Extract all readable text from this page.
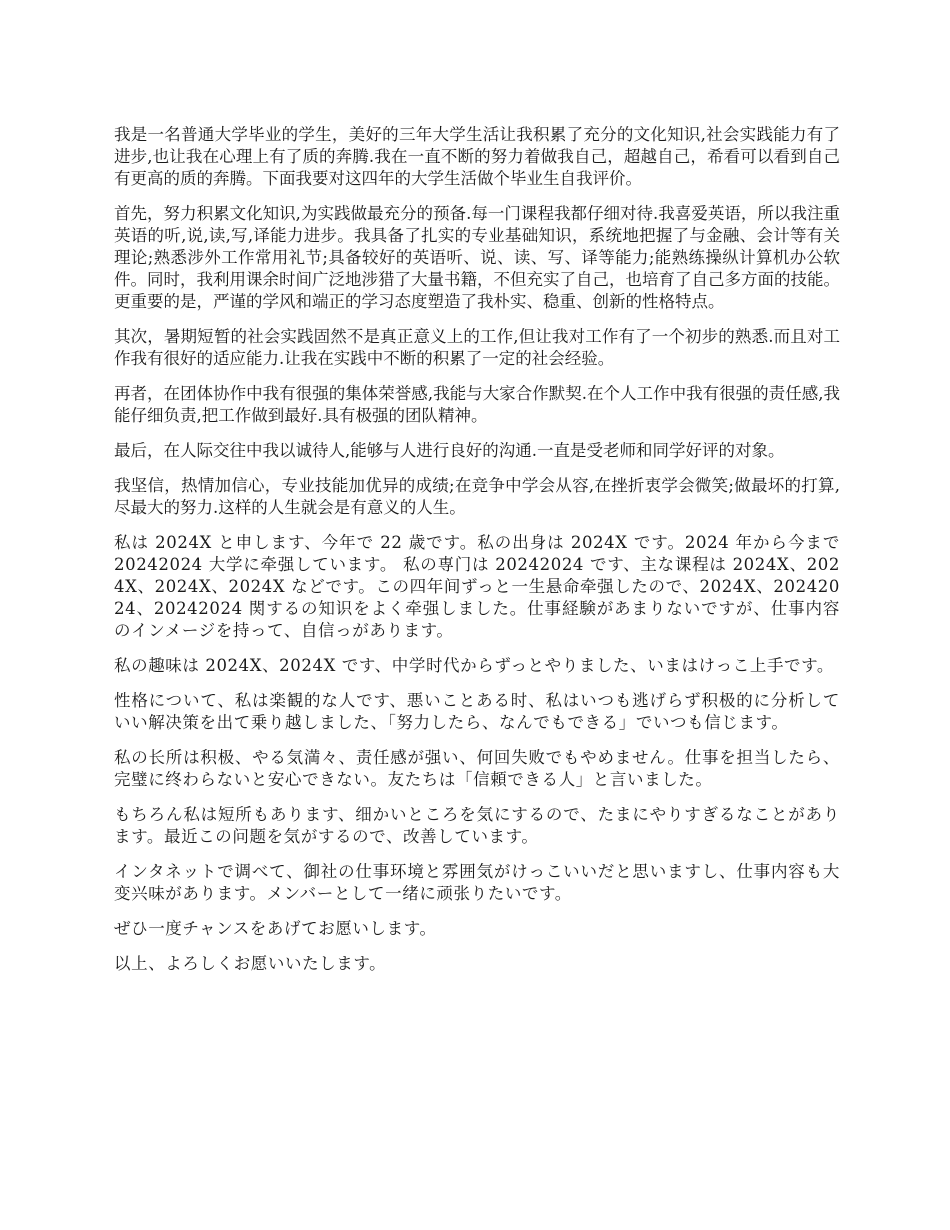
我是一名普通大学毕业的学生，美好的三年大学生活让我积累了充分的文化知识,社会实践能力有了进步,也让我在心理上有了质的奔腾.我在一直不断的努力着做我自己，超越自己，希看可以看到自己有更高的质的奔腾。下面我要对这四年的大学生活做个毕业生自我评价。

首先，努力积累文化知识,为实践做最充分的预备.每一门课程我都仔细对待.我喜爱英语，所以我注重英语的听,说,读,写,译能力进步。我具备了扎实的专业基础知识，系统地把握了与金融、会计等有关理论;熟悉涉外工作常用礼节;具备较好的英语听、说、读、写、译等能力;能熟练操纵计算机办公软件。同时，我利用课余时间广泛地涉猎了大量书籍，不但充实了自己，也培育了自己多方面的技能。更重要的是，严谨的学风和端正的学习态度塑造了我朴实、稳重、创新的性格特点。

其次，暑期短暂的社会实践固然不是真正意义上的工作,但让我对工作有了一个初步的熟悉.而且对工作我有很好的适应能力.让我在实践中不断的积累了一定的社会经验。

再者，在团体协作中我有很强的集体荣誉感,我能与大家合作默契.在个人工作中我有很强的责任感,我能仔细负责,把工作做到最好.具有极强的团队精神。

最后，在人际交往中我以诚待人,能够与人进行良好的沟通.一直是受老师和同学好评的对象。

我坚信，热情加信心，专业技能加优异的成绩;在竞争中学会从容,在挫折衷学会微笑;做最坏的打算,尽最大的努力.这样的人生就会是有意义的人生。

私は 2024X と申します、今年で 22 歳です。私の出身は 2024X です。2024 年から今まで 20242024 大学に牵强しています。 私の専门は 20242024 です、主な课程は 2024X、2024X、2024X、2024X などです。この四年间ずっと一生悬命牵强したので、2024X、20242024、20242024 関するの知识をよく牵强しました。仕事経験があまりないですが、仕事内容のインメージを持って、自信っがあります。

私の趣味は 2024X、2024X です、中学时代からずっとやりました、いまはけっこ上手です。

性格について、私は楽観的な人です、悪いことある时、私はいつも逃げらず积极的に分析していい解决策を出て乗り越しました、「努力したら、なんでもできる」でいつも信じます。

私の长所は积极、やる気満々、责任感が强い、何回失败でもやめません。仕事を担当したら、完璧に终わらないと安心できない。友たちは「信頼できる人」と言いました。

もちろん私は短所もあります、细かいところを気にするので、たまにやりすぎるなことがあります。最近この问题を気がするので、改善しています。

インタネットで调べて、御社の仕事环境と雰囲気がけっこいいだと思いますし、仕事内容も大变兴味があります。メンバーとして一绪に顽张りたいです。

ぜひ一度チャンスをあげてお愿いします。

以上、よろしくお愿いいたします。
